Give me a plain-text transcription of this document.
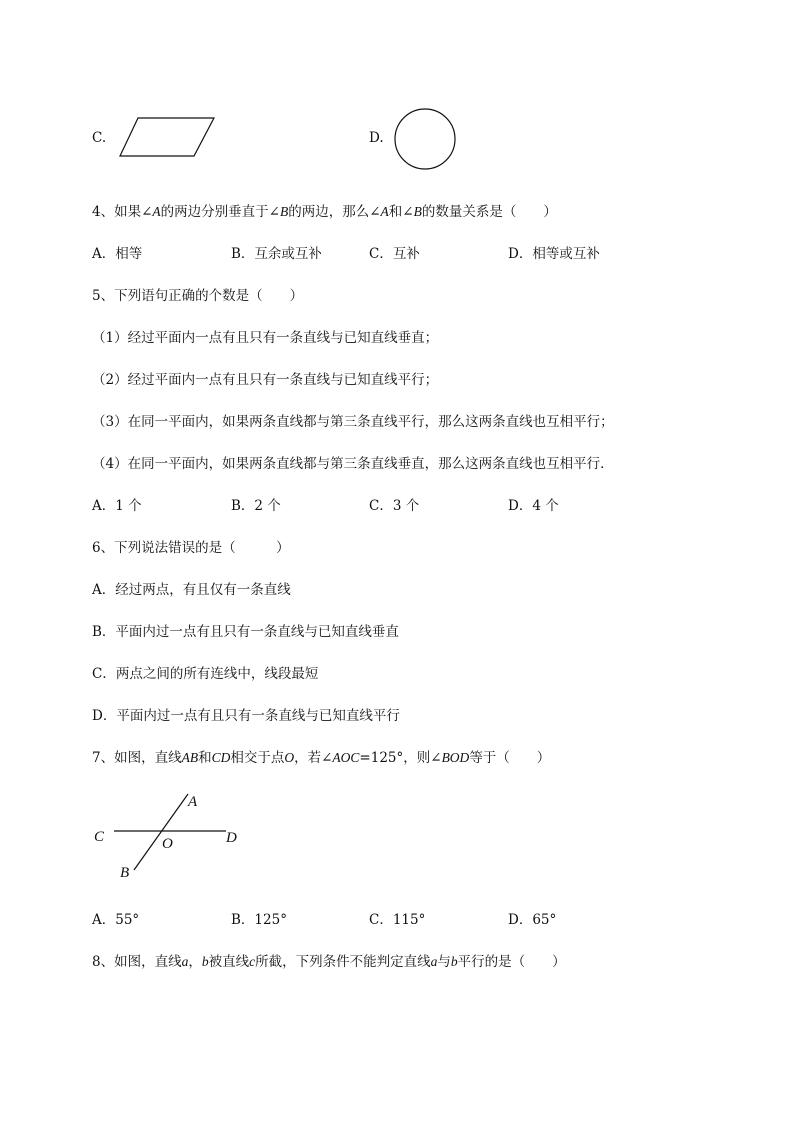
C.	D.
4、如果∠A的两边分别垂直于∠B的两边，那么∠A和∠B的数量关系是（　　）
A．相等	B．互余或互补	C．互补	D．相等或互补
5、下列语句正确的个数是（　　）
（1）经过平面内一点有且只有一条直线与已知直线垂直；
（2）经过平面内一点有且只有一条直线与已知直线平行；
（3）在同一平面内，如果两条直线都与第三条直线平行，那么这两条直线也互相平行；
（4）在同一平面内，如果两条直线都与第三条直线垂直，那么这两条直线也互相平行．
A．1 个	B．2 个	C．3 个	D．4 个
6、下列说法错误的是（　　　）
A．经过两点，有且仅有一条直线
B．平面内过一点有且只有一条直线与已知直线垂直
C．两点之间的所有连线中，线段最短
D．平面内过一点有且只有一条直线与已知直线平行
7、如图，直线AB和CD相交于点O，若∠AOC=125°，则∠BOD等于（　　）
A
C	O	D
B
A．55°	B．125°	C．115°	D．65°
8、如图，直线a，b被直线c所截，下列条件不能判定直线a与b平行的是（　　）
